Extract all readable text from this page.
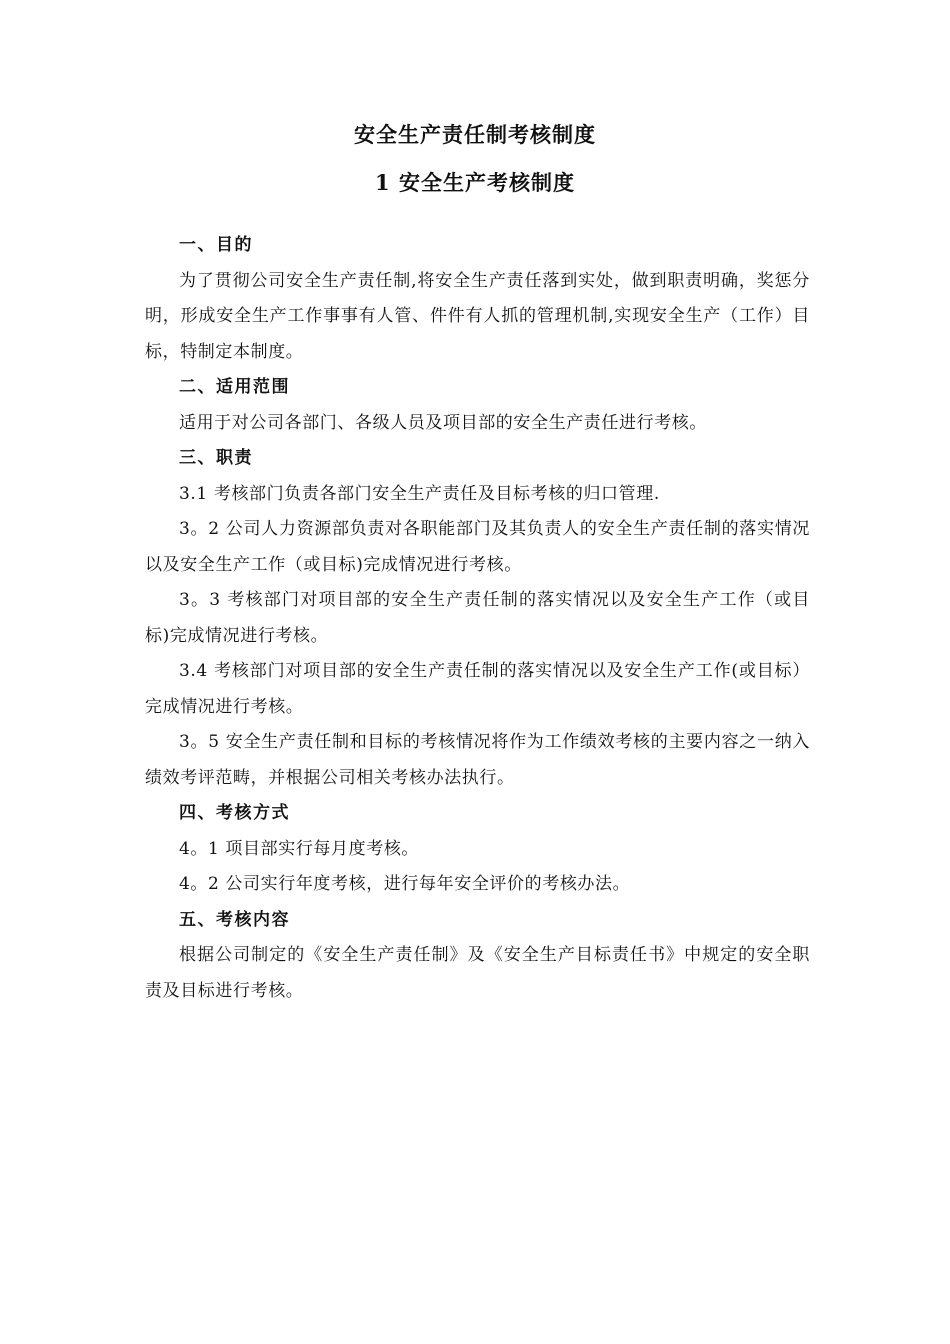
安全生产责任制考核制度
1 安全生产考核制度

一、目的

为了贯彻公司安全生产责任制,将安全生产责任落到实处，做到职责明确，奖惩分明，形成安全生产工作事事有人管、件件有人抓的管理机制,实现安全生产（工作）目标，特制定本制度。

二、适用范围

适用于对公司各部门、各级人员及项目部的安全生产责任进行考核。

三、职责

3.1 考核部门负责各部门安全生产责任及目标考核的归口管理.

3。2 公司人力资源部负责对各职能部门及其负责人的安全生产责任制的落实情况以及安全生产工作（或目标)完成情况进行考核。

3。3 考核部门对项目部的安全生产责任制的落实情况以及安全生产工作（或目标)完成情况进行考核。

3.4 考核部门对项目部的安全生产责任制的落实情况以及安全生产工作(或目标）完成情况进行考核。

3。5 安全生产责任制和目标的考核情况将作为工作绩效考核的主要内容之一纳入绩效考评范畴，并根据公司相关考核办法执行。

四、考核方式

4。1 项目部实行每月度考核。

4。2 公司实行年度考核，进行每年安全评价的考核办法。

五、考核内容

根据公司制定的《安全生产责任制》及《安全生产目标责任书》中规定的安全职责及目标进行考核。
